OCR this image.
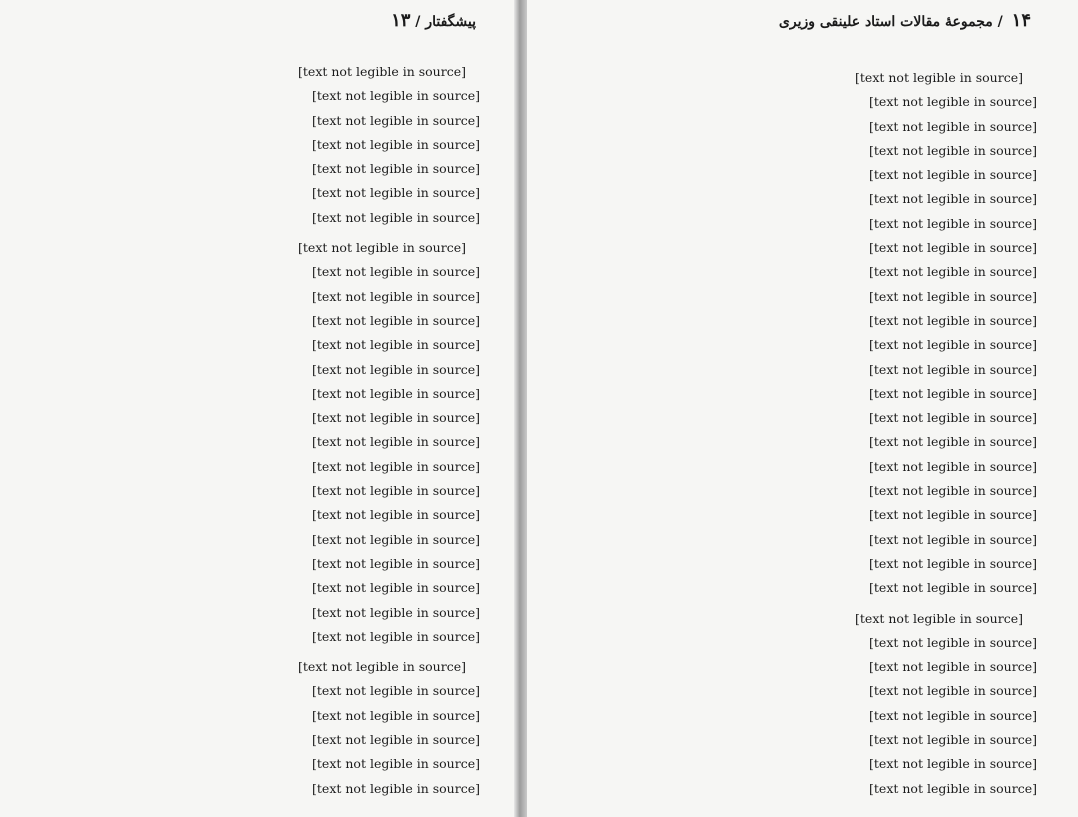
پیشگفتار / ۱۳

[text not legible in source]

[text not legible in source]

[text not legible in source]

[text not legible in source]

[text not legible in source]

[text not legible in source]

[text not legible in source]

[text not legible in source]

[text not legible in source]

[text not legible in source]

[text not legible in source]

[text not legible in source]

[text not legible in source]

[text not legible in source]

[text not legible in source]

[text not legible in source]

[text not legible in source]

[text not legible in source]

[text not legible in source]

[text not legible in source]

[text not legible in source]

[text not legible in source]

[text not legible in source]

[text not legible in source]

[text not legible in source]

[text not legible in source]

[text not legible in source]

[text not legible in source]

[text not legible in source]

[text not legible in source]

۱۴ / مجموعهٔ مقالات استاد علینقی وزیری

[text not legible in source]

[text not legible in source]

[text not legible in source]

[text not legible in source]

[text not legible in source]

[text not legible in source]

[text not legible in source]

[text not legible in source]

[text not legible in source]

[text not legible in source]

[text not legible in source]

[text not legible in source]

[text not legible in source]

[text not legible in source]

[text not legible in source]

[text not legible in source]

[text not legible in source]

[text not legible in source]

[text not legible in source]

[text not legible in source]

[text not legible in source]

[text not legible in source]

[text not legible in source]

[text not legible in source]

[text not legible in source]

[text not legible in source]

[text not legible in source]

[text not legible in source]

[text not legible in source]

[text not legible in source]
